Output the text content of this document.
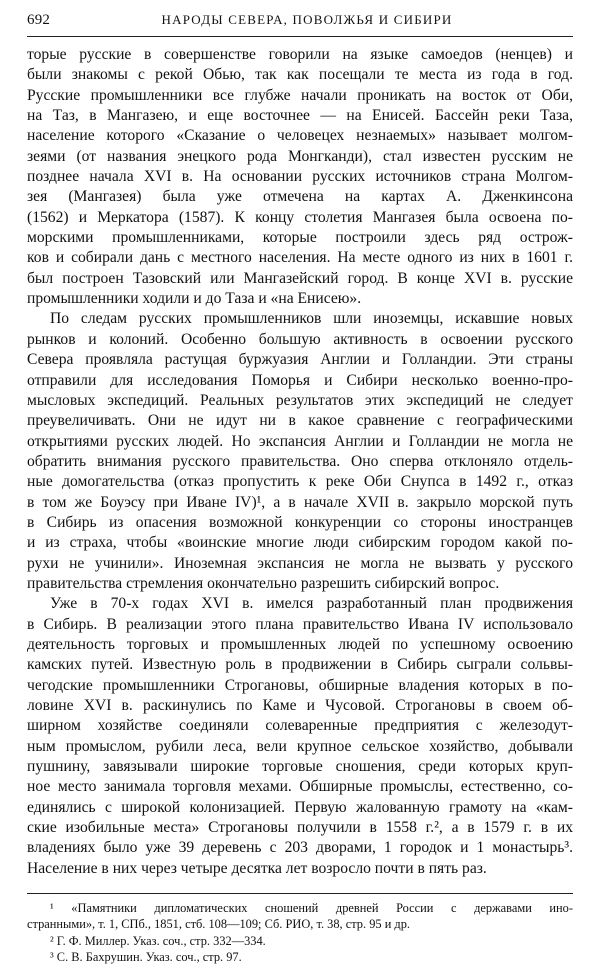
692	НАРОДЫ СЕВЕРА, ПОВОЛЖЬЯ И СИБИРИ

торые русские в совершенстве говорили на языке самоедов (ненцев) и
были знакомы с рекой Обью, так как посещали те места из года в год.
Русские промышленники все глубже начали проникать на восток от Оби,
на Таз, в Мангазею, и еще восточнее — на Енисей. Бассейн реки Таза,
население которого «Сказание о человецех незнаемых» называет молгом-
зеями (от названия энецкого рода Монгканди), стал известен русским не
позднее начала XVI в. На основании русских источников страна Молгом-
зея (Мангазея) была уже отмечена на картах А. Дженкинсона
(1562) и Меркатора (1587). К концу столетия Мангазея была освоена по-
морскими промышленниками, которые построили здесь ряд острож-
ков и собирали дань с местного населения. На месте одного из них в 1601 г.
был построен Тазовский или Мангазейский город. В конце XVI в. русские
промышленники ходили и до Таза и «на Енисею».

По следам русских промышленников шли иноземцы, искавшие новых
рынков и колоний. Особенно большую активность в освоении русского
Севера проявляла растущая буржуазия Англии и Голландии. Эти страны
отправили для исследования Поморья и Сибири несколько военно-про-
мысловых экспедиций. Реальных результатов этих экспедиций не следует
преувеличивать. Они не идут ни в какое сравнение с географическими
открытиями русских людей. Но экспансия Англии и Голландии не могла не
обратить внимания русского правительства. Оно сперва отклоняло отдель-
ные домогательства (отказ пропустить к реке Оби Снупса в 1492 г., отказ
в том же Боуэсу при Иване IV)¹, а в начале XVII в. закрыло морской путь
в Сибирь из опасения возможной конкуренции со стороны иностранцев
и из страха, чтобы «воинские многие люди сибирским городом какой по-
рухи не учинили». Иноземная экспансия не могла не вызвать у русского
правительства стремления окончательно разрешить сибирский вопрос.

Уже в 70-х годах XVI в. имелся разработанный план продвижения
в Сибирь. В реализации этого плана правительство Ивана IV использовало
деятельность торговых и промышленных людей по успешному освоению
камских путей. Известную роль в продвижении в Сибирь сыграли сольвы-
чегодские промышленники Строгановы, обширные владения которых в по-
ловине XVI в. раскинулись по Каме и Чусовой. Строгановы в своем об-
ширном хозяйстве соединяли солеваренные предприятия с железодут-
ным промыслом, рубили леса, вели крупное сельское хозяйство, добывали
пушнину, завязывали широкие торговые сношения, среди которых круп-
ное место занимала торговля мехами. Обширные промыслы, естественно, со-
единялись с широкой колонизацией. Первую жалованную грамоту на «кам-
ские изобильные места» Строгановы получили в 1558 г.², а в 1579 г. в их
владениях было уже 39 деревень с 203 дворами, 1 городок и 1 монастырь³.
Население в них через четыре десятка лет возросло почти в пять раз.

¹ «Памятники дипломатических сношений древней России с державами ино-
странными», т. 1, СПб., 1851, стб. 108—109; Сб. РИО, т. 38, стр. 95 и др.
² Г. Ф. Миллер. Указ. соч., стр. 332—334.
³ С. В. Бахрушин. Указ. соч., стр. 97.
